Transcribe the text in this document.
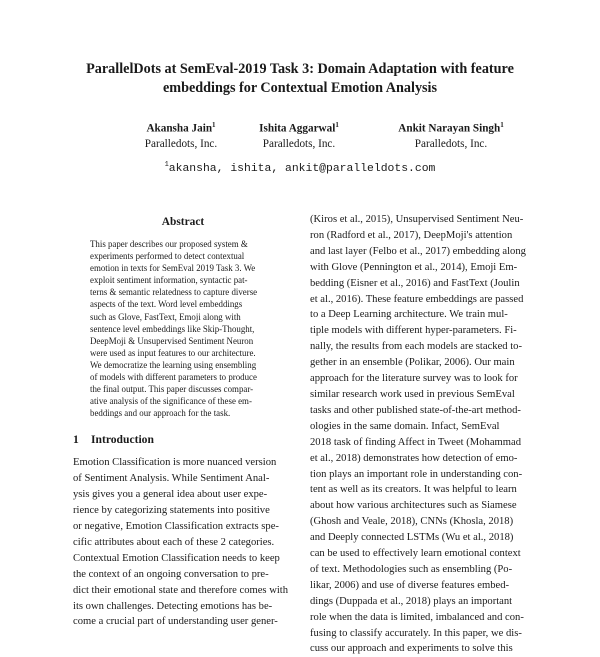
ParallelDots at SemEval-2019 Task 3: Domain Adaptation with feature
embeddings for Contextual Emotion Analysis
Akansha Jain$^1$
Paralledots, Inc.
Ishita Aggarwal$^1$
Paralledots, Inc.
Ankit Narayan Singh$^1$
Paralledots, Inc.
$^1$akansha, ishita, ankit@paralleldots.com
Abstract
This paper describes our proposed system &
experiments performed to detect contextual
emotion in texts for SemEval 2019 Task 3. We
exploit sentiment information, syntactic pat-
terns & semantic relatedness to capture diverse
aspects of the text. Word level embeddings
such as Glove, FastText, Emoji along with
sentence level embeddings like Skip-Thought,
DeepMoji & Unsupervised Sentiment Neuron
were used as input features to our architecture.
We democratize the learning using ensembling
of models with different parameters to produce
the final output. This paper discusses compar-
ative analysis of the significance of these em-
beddings and our approach for the task.
1 Introduction
Emotion Classification is more nuanced version
of Sentiment Analysis. While Sentiment Anal-
ysis gives you a general idea about user expe-
rience by categorizing statements into positive
or negative, Emotion Classification extracts spe-
cific attributes about each of these 2 categories.
Contextual Emotion Classification needs to keep
the context of an ongoing conversation to pre-
dict their emotional state and therefore comes with
its own challenges. Detecting emotions has be-
come a crucial part of understanding user gener-
(Kiros et al., 2015), Unsupervised Sentiment Neu-
ron (Radford et al., 2017), DeepMoji's attention
and last layer (Felbo et al., 2017) embedding along
with Glove (Pennington et al., 2014), Emoji Em-
bedding (Eisner et al., 2016) and FastText (Joulin
et al., 2016). These feature embeddings are passed
to a Deep Learning architecture. We train mul-
tiple models with different hyper-parameters. Fi-
nally, the results from each models are stacked to-
gether in an ensemble (Polikar, 2006). Our main
approach for the literature survey was to look for
similar research work used in previous SemEval
tasks and other published state-of-the-art method-
ologies in the same domain. Infact, SemEval
2018 task of finding Affect in Tweet (Mohammad
et al., 2018) demonstrates how detection of emo-
tion plays an important role in understanding con-
tent as well as its creators. It was helpful to learn
about how various architectures such as Siamese
(Ghosh and Veale, 2018), CNNs (Khosla, 2018)
and Deeply connected LSTMs (Wu et al., 2018)
can be used to effectively learn emotional context
of text. Methodologies such as ensembling (Po-
likar, 2006) and use of diverse features embed-
dings (Duppada et al., 2018) plays an important
role when the data is limited, imbalanced and con-
fusing to classify accurately. In this paper, we dis-
cuss our approach and experiments to solve this
